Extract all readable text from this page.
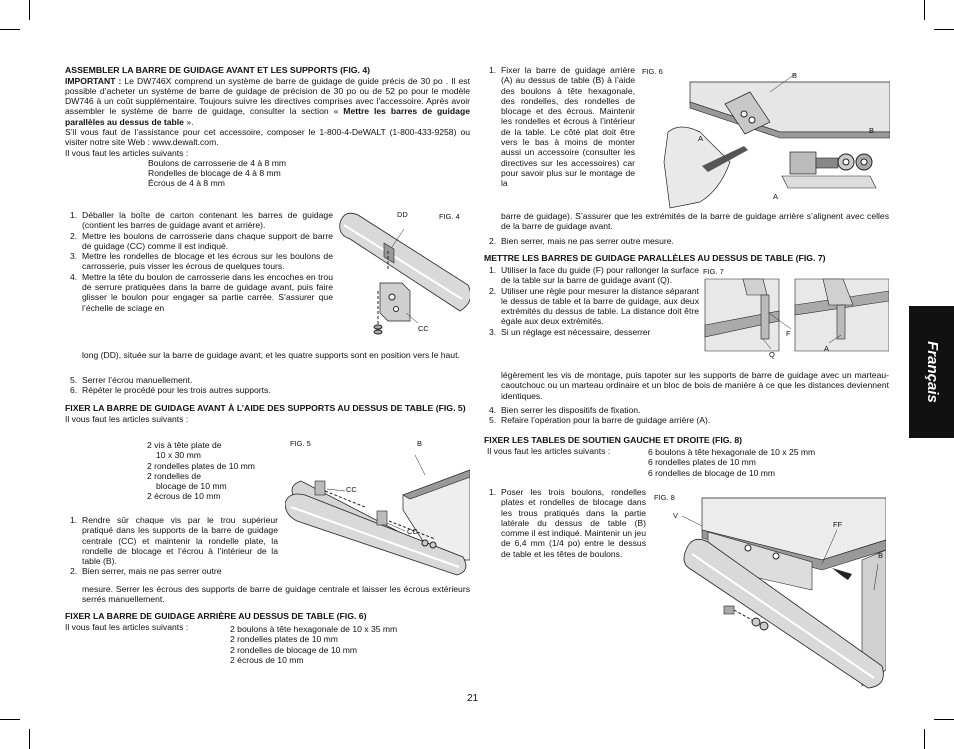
Français
ASSEMBLER LA BARRE DE GUIDAGE AVANT ET LES SUPPORTS (FIG. 4)
IMPORTANT : Le DW746X comprend un système de barre de guidage de guide précis de 30 po . Il est possible d’acheter un système de barre de guidage de précision de 30 po ou de 52 po pour le modèle DW746 à un coût supplémentaire. Toujours suivre les directives comprises avec l’accessoire. Après avoir assembler le système de barre de guidage, consulter la section « Mettre les barres de guidage parallèles au dessus de table ».
S’il vous faut de l’assistance pour cet accessoire, composer le 1-800-4-DeWALT (1-800-433-9258) ou visiter notre site Web : www.dewalt.com.
Il vous faut les articles suivants :
Boulons de carrosserie de 4 à 8 mm
Rondelles de blocage de 4 à 8 mm
Écrous de 4 à 8 mm
1. Déballer la boîte de carton contenant les barres de guidage (contient les barres de guidage avant et arrière).
2. Mettre les boulons de carrosserie dans chaque support de barre de guidage (CC) comme il est indiqué.
3. Mettre les rondelles de blocage et les écrous sur les boulons de carrosserie, puis visser les écrous de quelques tours.
4. Mettre la tête du boulon de carrosserie dans les encoches en trou de serrure pratiquées dans la barre de guidage avant, puis faire glisser le boulon pour engager sa partie carrée. S’assurer que l’échelle de sciage en
long (DD), située sur la barre de guidage avant, et les quatre supports sont en position vers le haut.
5. Serrer l’écrou manuellement.
6. Répéter le procédé pour les trois autres supports.
DD	FIG. 4
CC
FIXER LA BARRE DE GUIDAGE AVANT À L’AIDE DES SUPPORTS AU DESSUS DE TABLE (FIG. 5)
Il vous faut les articles suivants :
2 vis à tête plate de
10 x 30 mm
2 rondelles plates de 10 mm
2 rondelles de
blocage de 10 mm
2 écrous de 10 mm
1. Rendre sûr chaque vis par le trou supérieur pratiqué dans les supports de la barre de guidage centrale (CC) et maintenir la rondelle plate, la rondelle de blocage et l’écrou à l’intérieur de la table (B).
2. Bien serrer, mais ne pas serrer outre
mesure. Serrer les écrous des supports de barre de guidage centrale et laisser les écrous extérieurs serrés manuellement.
FIG. 5	B
CC
CC
FIXER LA BARRE DE GUIDAGE ARRIÈRE AU DESSUS DE TABLE (FIG. 6)
Il vous faut les articles suivants :	2 boulons à tête hexagonale de 10 x 35 mm
2 rondelles plates de 10 mm
2 rondelles de blocage de 10 mm
2 écrous de 10 mm
1. Fixer la barre de guidage arrière (A) au dessus de table (B) à l’aide des boulons à tête hexagonale, des rondelles, des rondelles de blocage et des écrous. Maintenir les rondelles et écrous à l’intérieur de la table. Le côté plat doit être vers le bas à moins de monter aussi un accessoire (consulter les directives sur les accessoires) car pour savoir plus sur le montage de la
barre de guidage). S’assurer que les extrémités de la barre de guidage arrière s’alignent avec celles de la barre de guidage avant.
2. Bien serrer, mais ne pas serrer outre mesure.
FIG. 6	B
B
A
A
METTRE LES BARRES DE GUIDAGE PARALLÈLES AU DESSUS DE TABLE (FIG. 7)
1. Utiliser la face du guide (F) pour rallonger la surface de la table sur la barre de guidage avant (Q).
2. Utiliser une règle pour mesurer la distance séparant le dessus de table et la barre de guidage, aux deux extrémités du dessus de table. La distance doit être égale aux deux extrémités.
3. Si un réglage est nécessaire, desserrer
légèrement les vis de montage, puis tapoter sur les supports de barre de guidage avec un marteau-caoutchouc ou un marteau ordinaire et un bloc de bois de manière à ce que les distances deviennent identiques.
4. Bien serrer les dispositifs de fixation.
5. Refaire l’opération pour la barre de guidage arrière (A).
FIG. 7
F
Q
A
FIXER LES TABLES DE SOUTIEN GAUCHE ET DROITE (FIG. 8)
Il vous faut les articles suivants :	6 boulons à tête hexagonale de 10 x 25 mm
6 rondelles plates de 10 mm
6 rondelles de blocage de 10 mm
1. Poser les trois boulons, rondelles plates et rondelles de blocage dans les trous pratiqués dans la partie latérale du dessus de table (B) comme il est indiqué. Maintenir un jeu de 6,4 mm (1/4 po) entre le dessus de table et les têtes de boulons.
FIG. 8
V
FF
B
21
